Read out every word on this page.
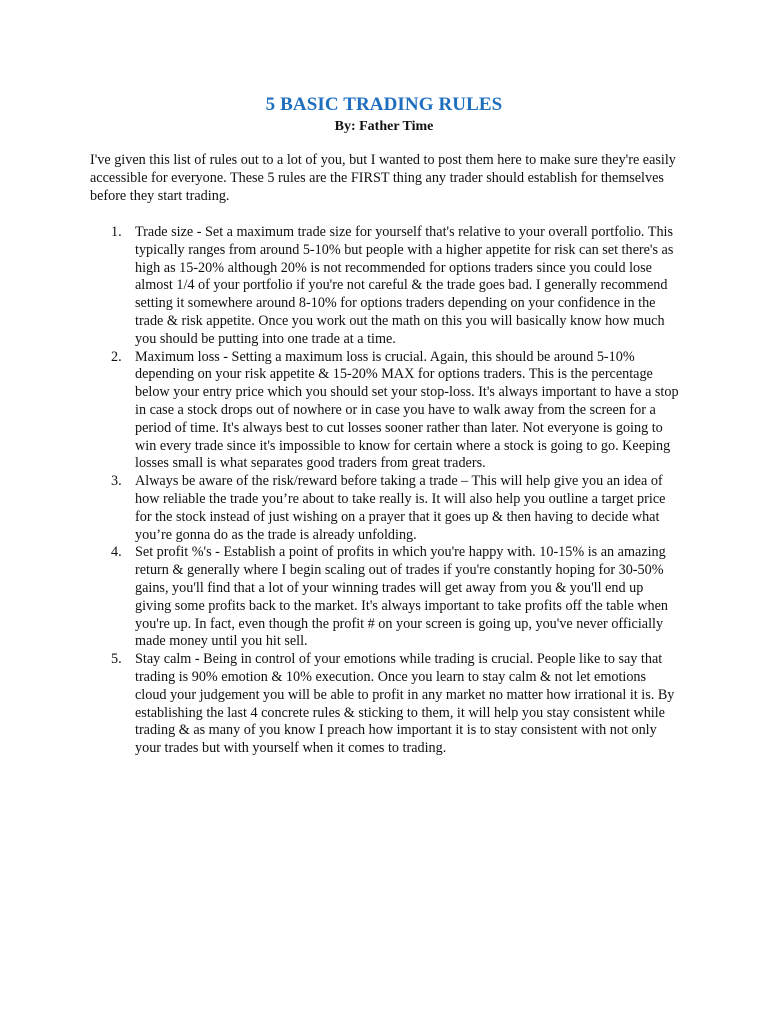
5 BASIC TRADING RULES
By: Father Time

I've given this list of rules out to a lot of you, but I wanted to post them here to make sure they're easily accessible for everyone. These 5 rules are the FIRST thing any trader should establish for themselves before they start trading.

1. Trade size - Set a maximum trade size for yourself that's relative to your overall portfolio. This typically ranges from around 5-10% but people with a higher appetite for risk can set there's as high as 15-20% although 20% is not recommended for options traders since you could lose almost 1/4 of your portfolio if you're not careful & the trade goes bad. I generally recommend setting it somewhere around 8-10% for options traders depending on your confidence in the trade & risk appetite. Once you work out the math on this you will basically know how much you should be putting into one trade at a time.
2. Maximum loss - Setting a maximum loss is crucial. Again, this should be around 5-10% depending on your risk appetite & 15-20% MAX for options traders. This is the percentage below your entry price which you should set your stop-loss. It's always important to have a stop in case a stock drops out of nowhere or in case you have to walk away from the screen for a period of time. It's always best to cut losses sooner rather than later. Not everyone is going to win every trade since it's impossible to know for certain where a stock is going to go. Keeping losses small is what separates good traders from great traders.
3. Always be aware of the risk/reward before taking a trade – This will help give you an idea of how reliable the trade you’re about to take really is. It will also help you outline a target price for the stock instead of just wishing on a prayer that it goes up & then having to decide what you’re gonna do as the trade is already unfolding.
4. Set profit %'s - Establish a point of profits in which you're happy with. 10-15% is an amazing return & generally where I begin scaling out of trades if you're constantly hoping for 30-50% gains, you'll find that a lot of your winning trades will get away from you & you'll end up giving some profits back to the market. It's always important to take profits off the table when you're up. In fact, even though the profit # on your screen is going up, you've never officially made money until you hit sell.
5. Stay calm - Being in control of your emotions while trading is crucial. People like to say that trading is 90% emotion & 10% execution. Once you learn to stay calm & not let emotions cloud your judgement you will be able to profit in any market no matter how irrational it is. By establishing the last 4 concrete rules & sticking to them, it will help you stay consistent while trading & as many of you know I preach how important it is to stay consistent with not only your trades but with yourself when it comes to trading.
